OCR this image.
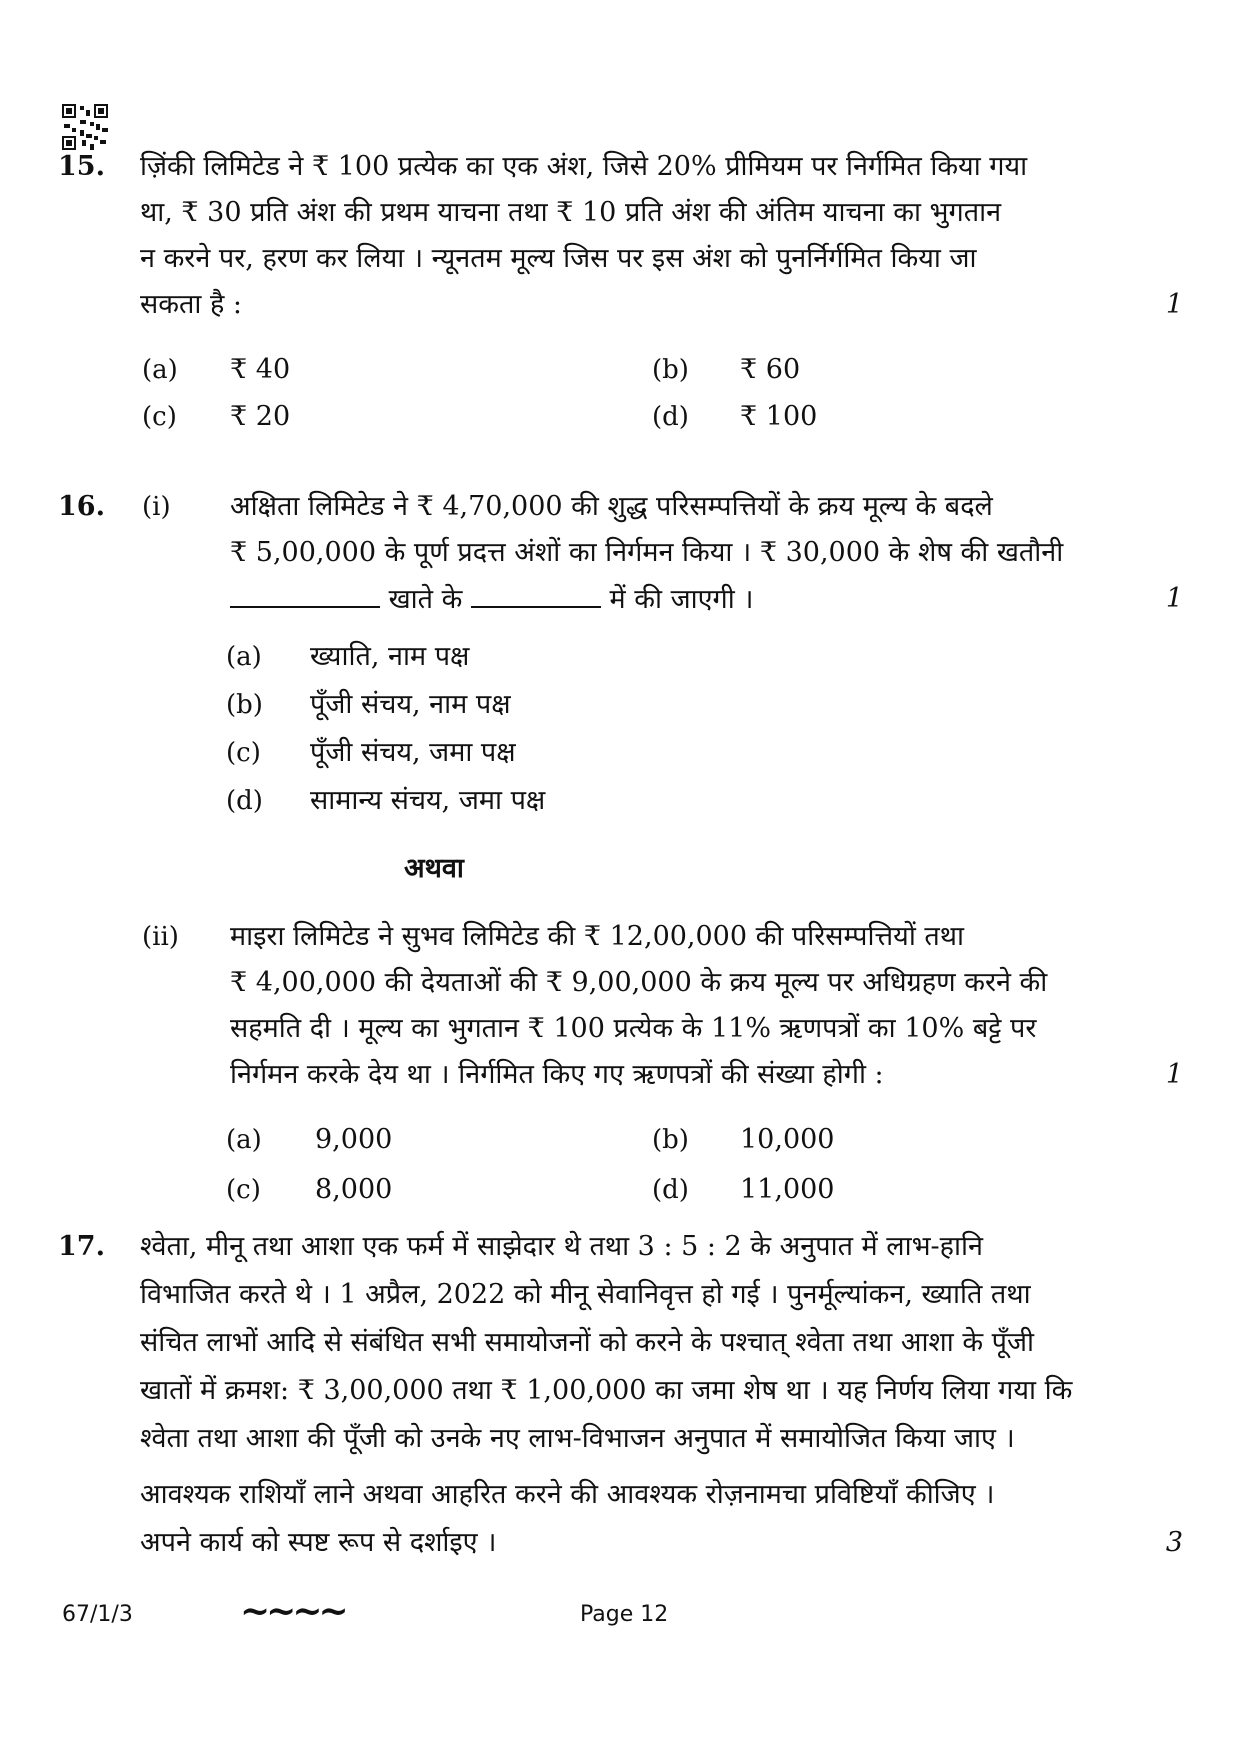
15. ज़िंकी लिमिटेड ने ₹ 100 प्रत्येक का एक अंश, जिसे 20% प्रीमियम पर निर्गमित किया गया
था, ₹ 30 प्रति अंश की प्रथम याचना तथा ₹ 10 प्रति अंश की अंतिम याचना का भुगतान
न करने पर, हरण कर लिया । न्यूनतम मूल्य जिस पर इस अंश को पुनर्निर्गमित किया जा
सकता है :	1
(a) ₹ 40	(b) ₹ 60
(c) ₹ 20	(d) ₹ 100
16. (i) अक्षिता लिमिटेड ने ₹ 4,70,000 की शुद्ध परिसम्पत्तियों के क्रय मूल्य के बदले
₹ 5,00,000 के पूर्ण प्रदत्त अंशों का निर्गमन किया । ₹ 30,000 के शेष की खतौनी
खाते के	में की जाएगी ।	1
(a) ख्याति, नाम पक्ष
(b) पूँजी संचय, नाम पक्ष
(c) पूँजी संचय, जमा पक्ष
(d) सामान्य संचय, जमा पक्ष
अथवा
(ii) माइरा लिमिटेड ने सुभव लिमिटेड की ₹ 12,00,000 की परिसम्पत्तियों तथा
₹ 4,00,000 की देयताओं की ₹ 9,00,000 के क्रय मूल्य पर अधिग्रहण करने की
सहमति दी । मूल्य का भुगतान ₹ 100 प्रत्येक के 11% ऋणपत्रों का 10% बट्टे पर
निर्गमन करके देय था । निर्गमित किए गए ऋणपत्रों की संख्या होगी :	1
(a) 9,000	(b) 10,000
(c) 8,000	(d) 11,000
17. श्वेता, मीनू तथा आशा एक फर्म में साझेदार थे तथा 3 : 5 : 2 के अनुपात में लाभ-हानि
विभाजित करते थे । 1 अप्रैल, 2022 को मीनू सेवानिवृत्त हो गई । पुनर्मूल्यांकन, ख्याति तथा
संचित लाभों आदि से संबंधित सभी समायोजनों को करने के पश्चात् श्वेता तथा आशा के पूँजी
खातों में क्रमश: ₹ 3,00,000 तथा ₹ 1,00,000 का जमा शेष था । यह निर्णय लिया गया कि
श्वेता तथा आशा की पूँजी को उनके नए लाभ-विभाजन अनुपात में समायोजित किया जाए ।
आवश्यक राशियाँ लाने अथवा आहरित करने की आवश्यक रोज़नामचा प्रविष्टियाँ कीजिए ।
अपने कार्य को स्पष्ट रूप से दर्शाइए ।	3
67/1/3	~~~~	Page 12
